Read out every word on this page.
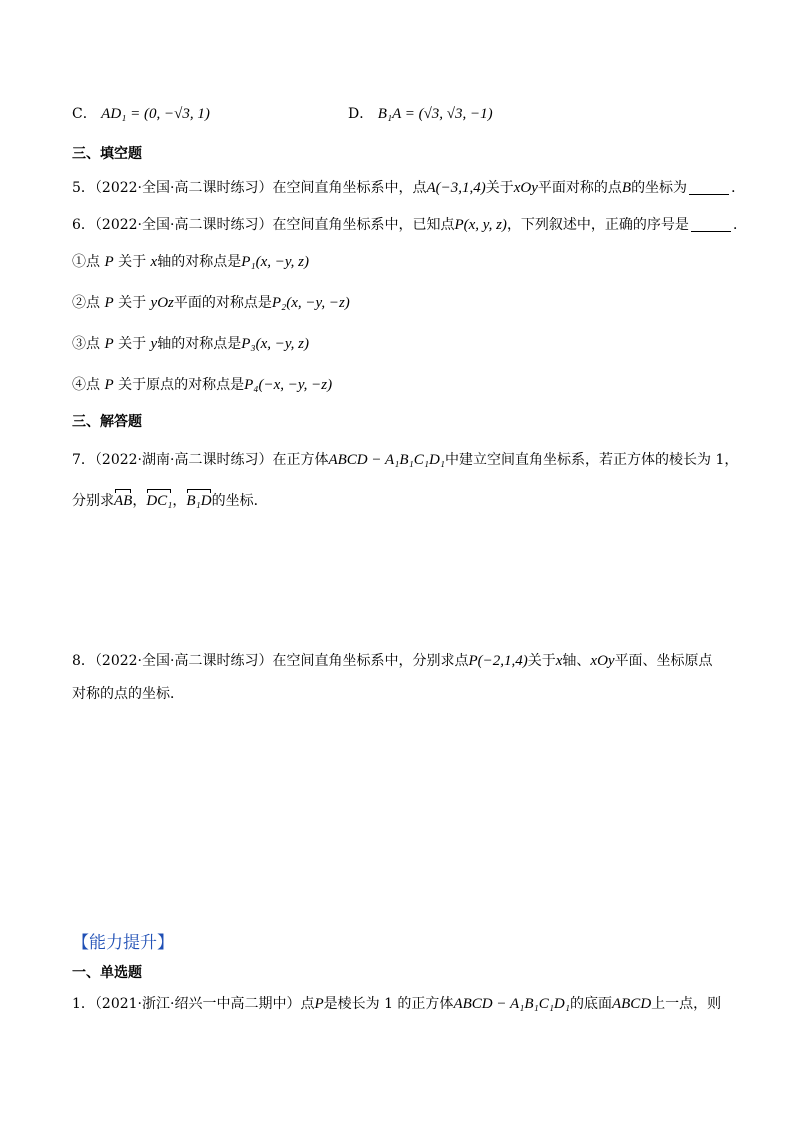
C． AD₁ = (0, −√3, 1)	D． B₁A = (√3, √3, −1)
三、填空题
5．（2022·全国·高二课时练习）在空间直角坐标系中，点A(−3,1,4)关于xOy平面对称的点B的坐标为	．
6．（2022·全国·高二课时练习）在空间直角坐标系中，已知点P(x, y, z)，下列叙述中，正确的序号是	．
①点 P 关于 x轴的对称点是P₁(x, −y, z)
②点 P 关于 yOz平面的对称点是P₂(x, −y, −z)
③点 P 关于 y轴的对称点是P₃(x, −y, z)
④点 P 关于原点的对称点是P₄(−x, −y, −z)
三、解答题
7．（2022·湖南·高二课时练习）在正方体ABCD − A₁B₁C₁D₁中建立空间直角坐标系，若正方体的棱长为 1，
分别求AB，DC₁，B₁D的坐标．
8．（2022·全国·高二课时练习）在空间直角坐标系中，分别求点P(−2,1,4)关于x轴、xOy平面、坐标原点
对称的点的坐标．
【能力提升】
一、单选题
1．（2021·浙江·绍兴一中高二期中）点P是棱长为 1 的正方体ABCD − A₁B₁C₁D₁的底面ABCD上一点，则
